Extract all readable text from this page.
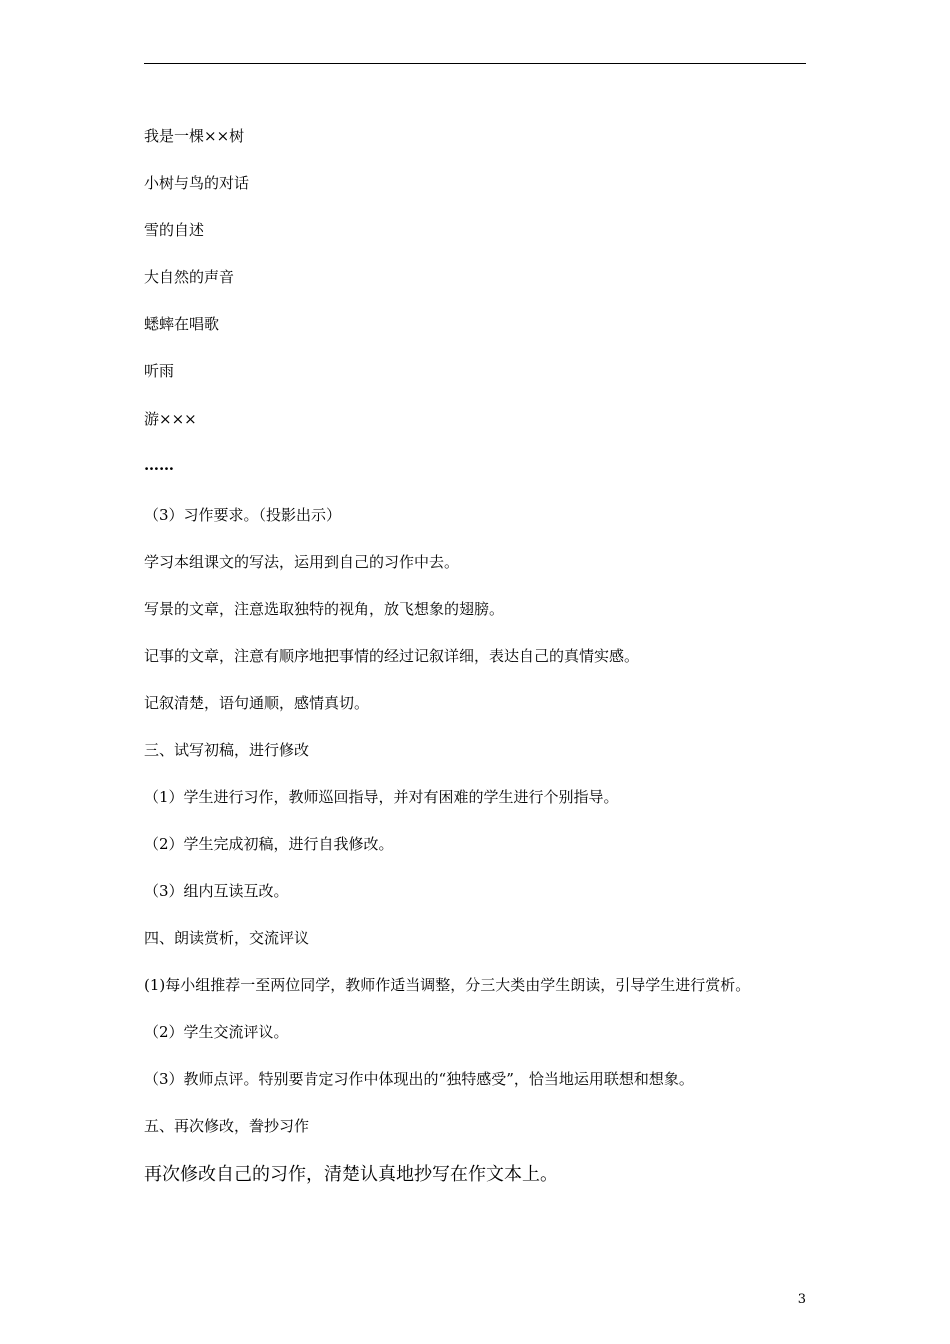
我是一棵××树
小树与鸟的对话
雪的自述
大自然的声音
蟋蟀在唱歌
听雨
游×××
……
（3）习作要求。（投影出示）
学习本组课文的写法，运用到自己的习作中去。
写景的文章，注意选取独特的视角，放飞想象的翅膀。
记事的文章，注意有顺序地把事情的经过记叙详细，表达自己的真情实感。
记叙清楚，语句通顺，感情真切。
三、试写初稿，进行修改
（1）学生进行习作，教师巡回指导，并对有困难的学生进行个别指导。
（2）学生完成初稿，进行自我修改。
（3）组内互读互改。
四、朗读赏析，交流评议
(1)每小组推荐一至两位同学，教师作适当调整，分三大类由学生朗读，引导学生进行赏析。
（2）学生交流评议。
（3）教师点评。特别要肯定习作中体现出的“独特感受”，恰当地运用联想和想象。
五、再次修改，誊抄习作
再次修改自己的习作，清楚认真地抄写在作文本上。
3
